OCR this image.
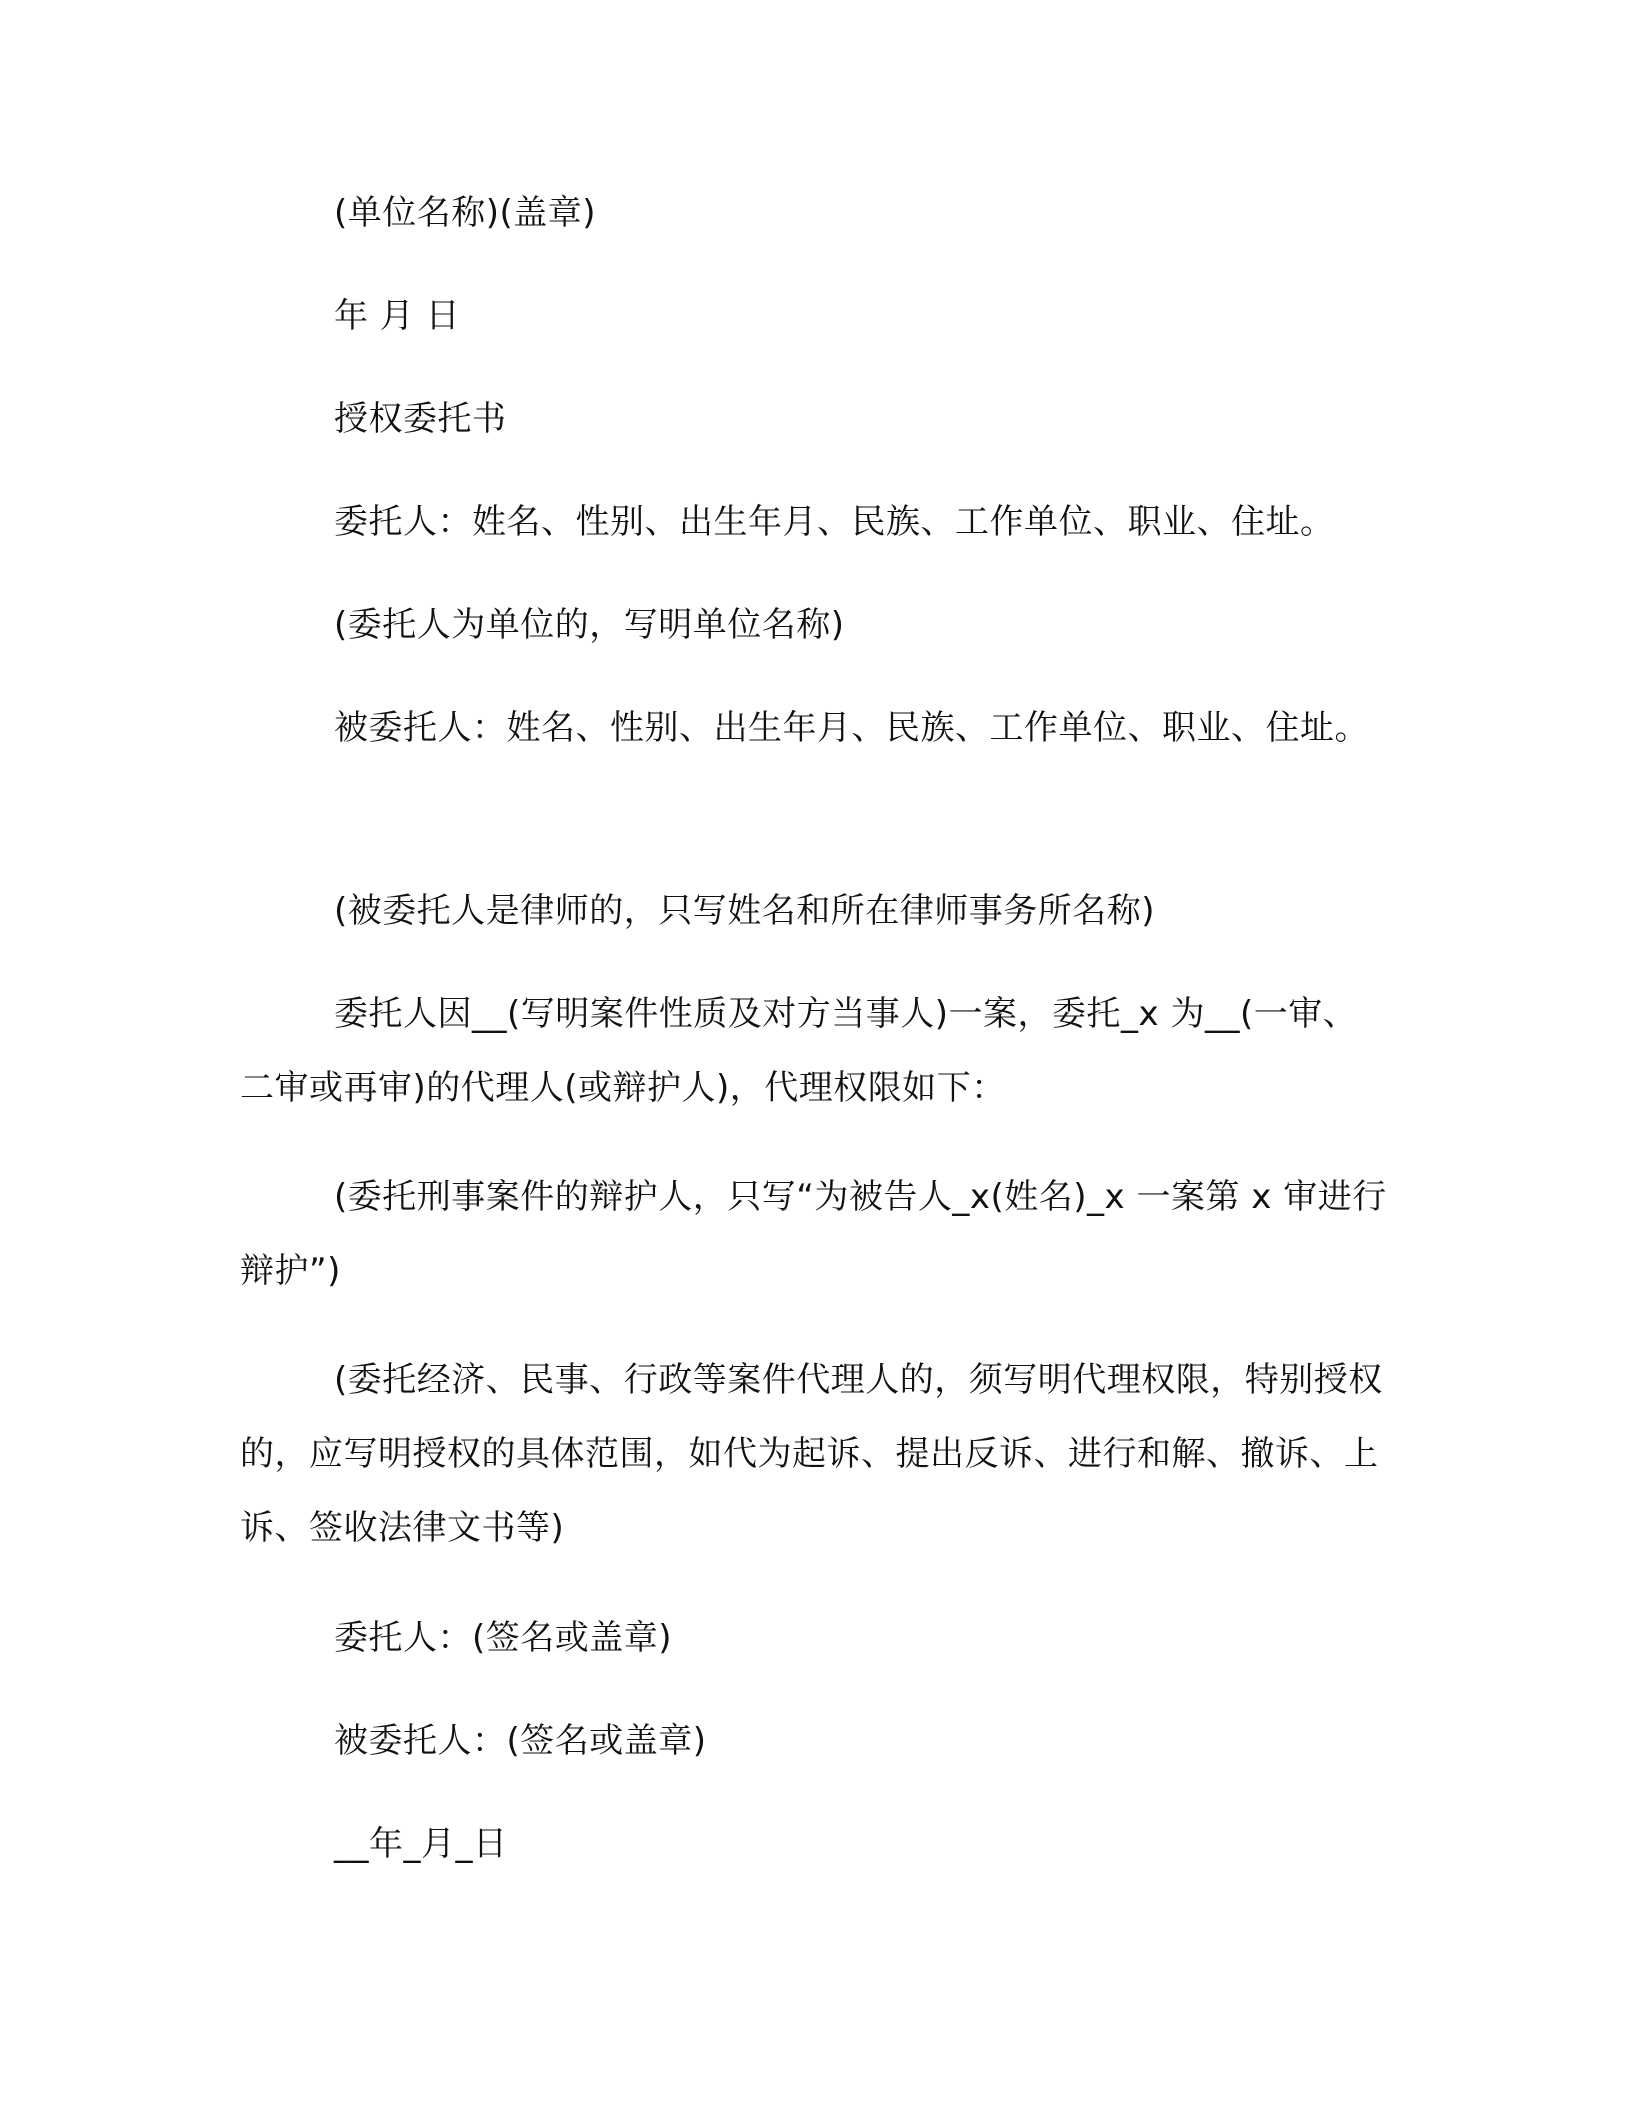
(单位名称)(盖章)

年 月 日

授权委托书

委托人：姓名、性别、出生年月、民族、工作单位、职业、住址。

(委托人为单位的，写明单位名称)

被委托人：姓名、性别、出生年月、民族、工作单位、职业、住址。

(被委托人是律师的，只写姓名和所在律师事务所名称)

委托人因__(写明案件性质及对方当事人)一案，委托_x 为__(一审、二审或再审)的代理人(或辩护人)，代理权限如下：

(委托刑事案件的辩护人，只写“为被告人_x(姓名)_x 一案第 x 审进行辩护”)

(委托经济、民事、行政等案件代理人的，须写明代理权限，特别授权的，应写明授权的具体范围，如代为起诉、提出反诉、进行和解、撤诉、上诉、签收法律文书等)

委托人：(签名或盖章)

被委托人：(签名或盖章)

__年_月_日
